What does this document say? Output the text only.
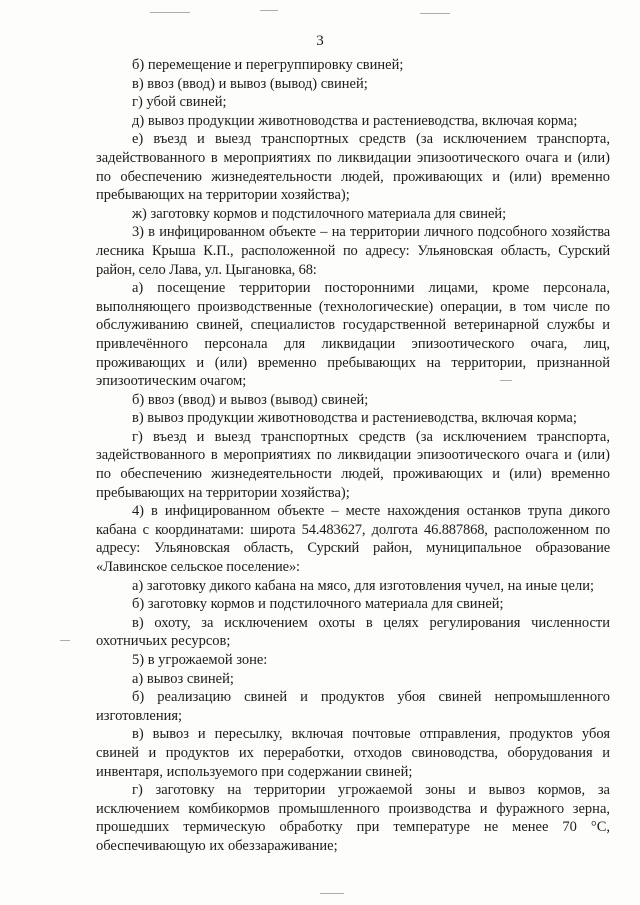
3

б) перемещение и перегруппировку свиней;

в) ввоз (ввод) и вывоз (вывод) свиней;

г) убой свиней;

д) вывоз продукции животноводства и растениеводства, включая корма;

е) въезд и выезд транспортных средств (за исключением транспорта, задействованного в мероприятиях по ликвидации эпизоотического очага и (или) по обеспечению жизнедеятельности людей, проживающих и (или) временно пребывающих на территории хозяйства);

ж) заготовку кормов и подстилочного материала для свиней;

3) в инфицированном объекте – на территории личного подсобного хозяйства лесника Крыша К.П., расположенной по адресу: Ульяновская область, Сурский район, село Лава, ул. Цыгановка, 68:

а) посещение территории посторонними лицами, кроме персонала, выполняющего производственные (технологические) операции, в том числе по обслуживанию свиней, специалистов государственной ветеринарной службы и привлечённого персонала для ликвидации эпизоотического очага, лиц, проживающих и (или) временно пребывающих на территории, признанной эпизоотическим очагом;

б) ввоз (ввод) и вывоз (вывод) свиней;

в) вывоз продукции животноводства и растениеводства, включая корма;

г) въезд и выезд транспортных средств (за исключением транспорта, задействованного в мероприятиях по ликвидации эпизоотического очага и (или) по обеспечению жизнедеятельности людей, проживающих и (или) временно пребывающих на территории хозяйства);

4) в инфицированном объекте – месте нахождения останков трупа дикого кабана с координатами: широта 54.483627, долгота 46.887868, расположенном по адресу: Ульяновская область, Сурский район, муниципальное образование «Лавинское сельское поселение»:

а) заготовку дикого кабана на мясо, для изготовления чучел, на иные цели;

б) заготовку кормов и подстилочного материала для свиней;

в) охоту, за исключением охоты в целях регулирования численности охотничьих ресурсов;

5) в угрожаемой зоне:

а) вывоз свиней;

б) реализацию свиней и продуктов убоя свиней непромышленного изготовления;

в) вывоз и пересылку, включая почтовые отправления, продуктов убоя свиней и продуктов их переработки, отходов свиноводства, оборудования и инвентаря, используемого при содержании свиней;

г) заготовку на территории угрожаемой зоны и вывоз кормов, за исключением комбикормов промышленного производства и фуражного зерна, прошедших термическую обработку при температуре не менее 70 °С, обеспечивающую их обеззараживание;
